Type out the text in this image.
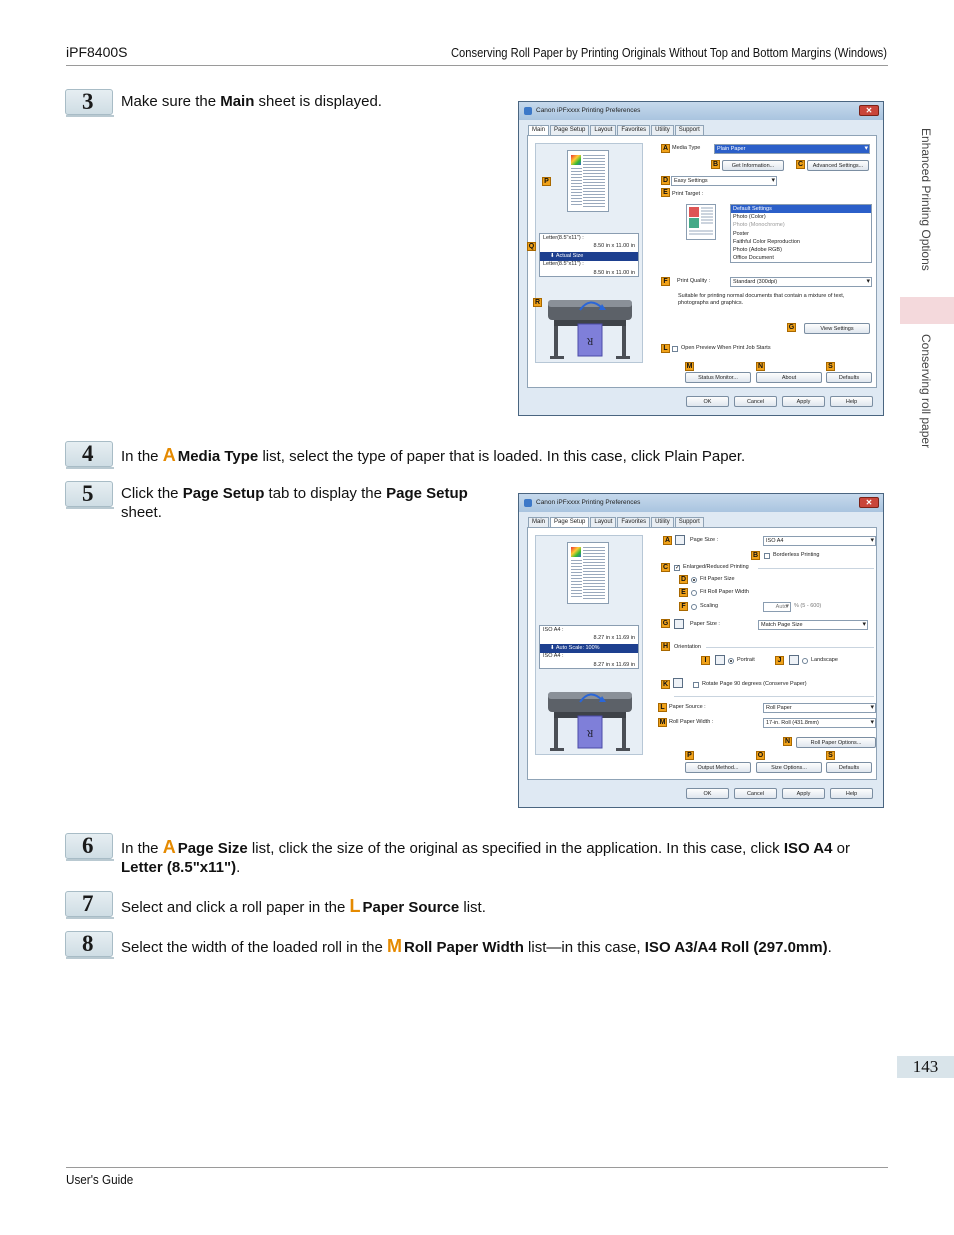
iPF8400S	Conserving Roll Paper by Printing Originals Without Top and Bottom Margins (Windows)
Enhanced Printing Options
Conserving roll paper
3	Make sure the Main sheet is displayed.
Canon iPFxxxx Printing Preferences	✕
Main Page Setup Layout Favorites Utility Support
Letter(8.5"x11") :
8.50 in x 11.00 in
⬇ Actual Size
Letter(8.5"x11") :
8.50 in x 11.00 in
R
A Media Type	Plain Paper ▾
B	Get Information...	C	Advanced Settings...
D	Easy Settings ▾
E Print Target :
Default Settings
Photo (Color)
Photo (Monochrome)
Poster
Faithful Color Reproduction
Photo (Adobe RGB)
Office Document
F	Print Quality :	Standard (300dpi) ▾
Suitable for printing normal documents that contain a mixture of text, photographs and graphics.
G	View Settings
L	Open Preview When Print Job Starts
M
Status Monitor...
N
About
S
Defaults
P
Q
R
OK	Cancel	Apply	Help
4	In the A Media Type list, select the type of paper that is loaded. In this case, click Plain Paper.
5	Click the Page Setup tab to display the Page Setup sheet.
Canon iPFxxxx Printing Preferences	✕
Main Page Setup Layout Favorites Utility Support
ISO A4 :
8.27 in x 11.69 in
⬇ Auto Scale: 100%
ISO A4 :
8.27 in x 11.69 in
R
A	Page Size :	ISO A4 ▾
B	Borderless Printing
C	✓ Enlarged/Reduced Printing
D	Fit Paper Size
E	Fit Roll Paper Width
F	Scaling	Auto ▾	% (5 - 600)
G	Paper Size :	Match Page Size ▾
H	Orientation
I	Portrait	J	Landscape
K	Rotate Page 90 degrees (Conserve Paper)
L Paper Source :	Roll Paper ▾
M Roll Paper Width :	17-in. Roll (431.8mm) ▾
N	Roll Paper Options...
P
Output Method...
O
Size Options...
S
Defaults
OK	Cancel	Apply	Help
6	In the A Page Size list, click the size of the original as specified in the application. In this case, click ISO A4 or Letter (8.5"x11").
7	Select and click a roll paper in the L Paper Source list.
8	Select the width of the loaded roll in the M Roll Paper Width list—in this case, ISO A3/A4 Roll (297.0mm).
143
User's Guide
